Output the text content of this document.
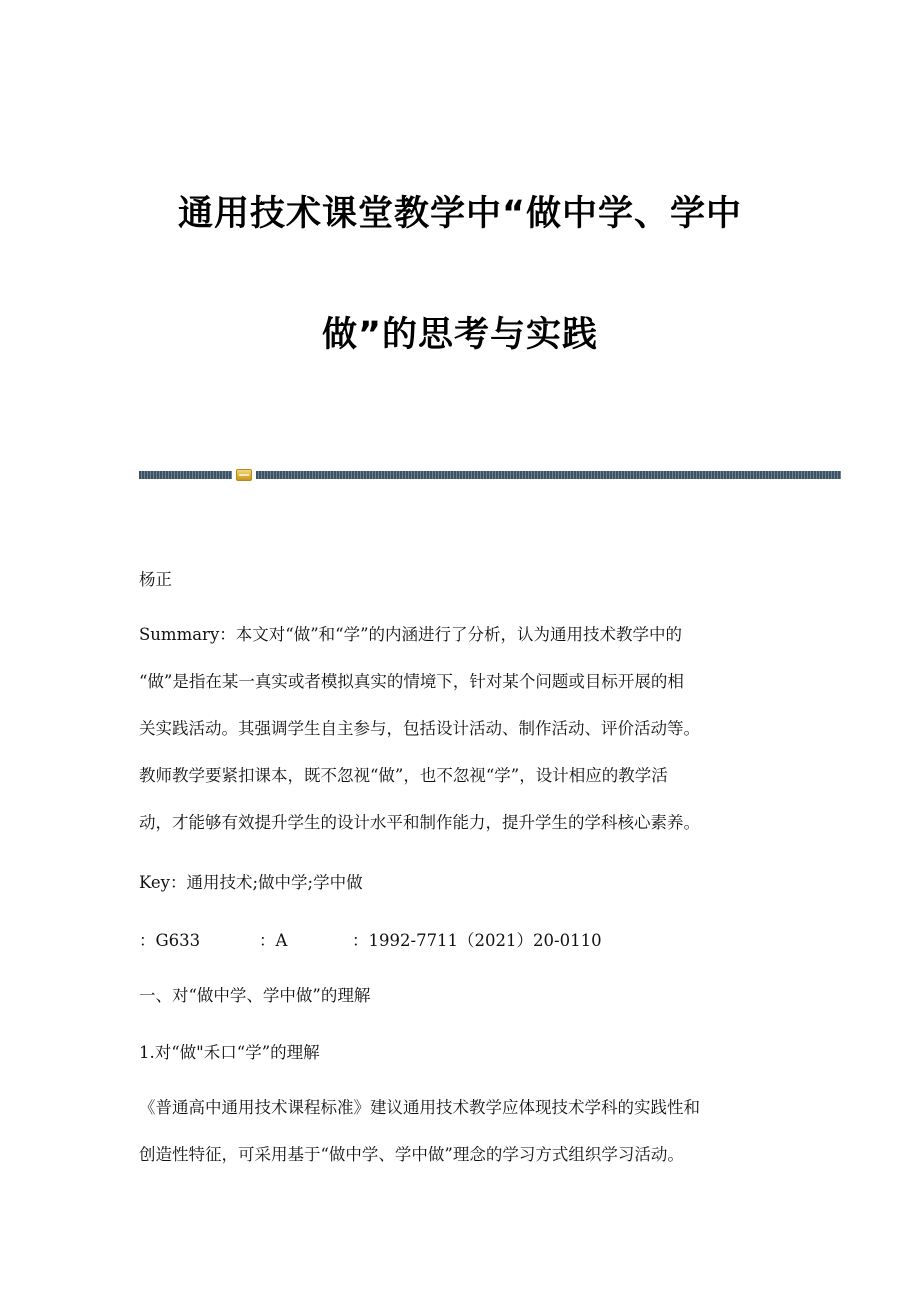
通用技术课堂教学中“做中学、学中
做”的思考与实践
杨正
Summary：本文对“做”和“学”的内涵进行了分析，认为通用技术教学中的
“做”是指在某一真实或者模拟真实的情境下，针对某个问题或目标开展的相
关实践活动。其强调学生自主参与，包括设计活动、制作活动、评价活动等。
教师教学要紧扣课本，既不忽视“做”，也不忽视“学”，设计相应的教学活
动，才能够有效提升学生的设计水平和制作能力，提升学生的学科核心素养。
Key：通用技术;做中学;学中做
：G633	：A	：1992-7711（2021）20-0110
一、对“做中学、学中做”的理解
1.对“做"禾口“学”的理解
《普通高中通用技术课程标准》建议通用技术教学应体现技术学科的实践性和
创造性特征，可采用基于“做中学、学中做”理念的学习方式组织学习活动。
